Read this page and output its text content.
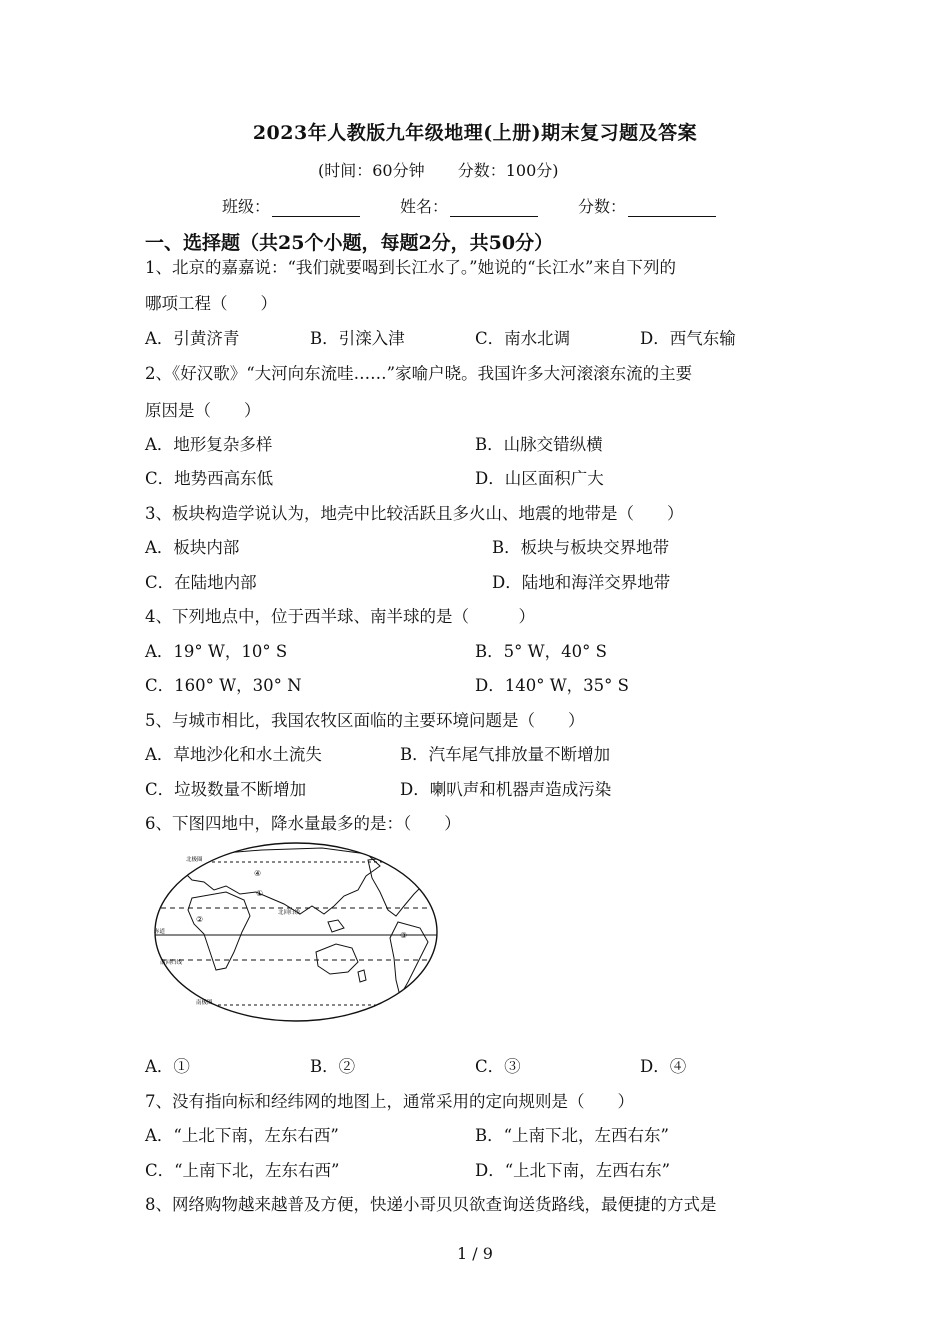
2023年人教版九年级地理(上册)期末复习题及答案
(时间：60分钟 分数：100分)
班级：	姓名：	分数：
一、选择题（共25个小题，每题2分，共50分）
1、北京的嘉嘉说：“我们就要喝到长江水了。”她说的“长江水”来自下列的
哪项工程（　　）
A．引黄济青	B．引滦入津	C．南水北调	D．西气东输
2、《好汉歌》“大河向东流哇……”家喻户晓。我国许多大河滚滚东流的主要
原因是（　　）
A．地形复杂多样	B．山脉交错纵横
C．地势西高东低	D．山区面积广大
3、板块构造学说认为，地壳中比较活跃且多火山、地震的地带是（　　）
A．板块内部	B．板块与板块交界地带
C．在陆地内部	D．陆地和海洋交界地带
4、下列地点中，位于西半球、南半球的是（　　　）
A．19° W，10° S	B．5° W，40° S
C．160° W，30° N	D．140° W，35° S
5、与城市相比，我国农牧区面临的主要环境问题是（　　）
A．草地沙化和水土流失	B．汽车尾气排放量不断增加
C．垃圾数量不断增加	D．喇叭声和机器声造成污染
6、下图四地中，降水量最多的是：（　　）
①
②
③
④
北回归线
赤道
南回归线
北极圈
南极圈
A．①	B．②	C．③	D．④
7、没有指向标和经纬网的地图上，通常采用的定向规则是（　　）
A．“上北下南，左东右西”	B．“上南下北，左西右东”
C．“上南下北，左东右西”	D．“上北下南，左西右东”
8、网络购物越来越普及方便，快递小哥贝贝欲查询送货路线，最便捷的方式是
1 / 9
